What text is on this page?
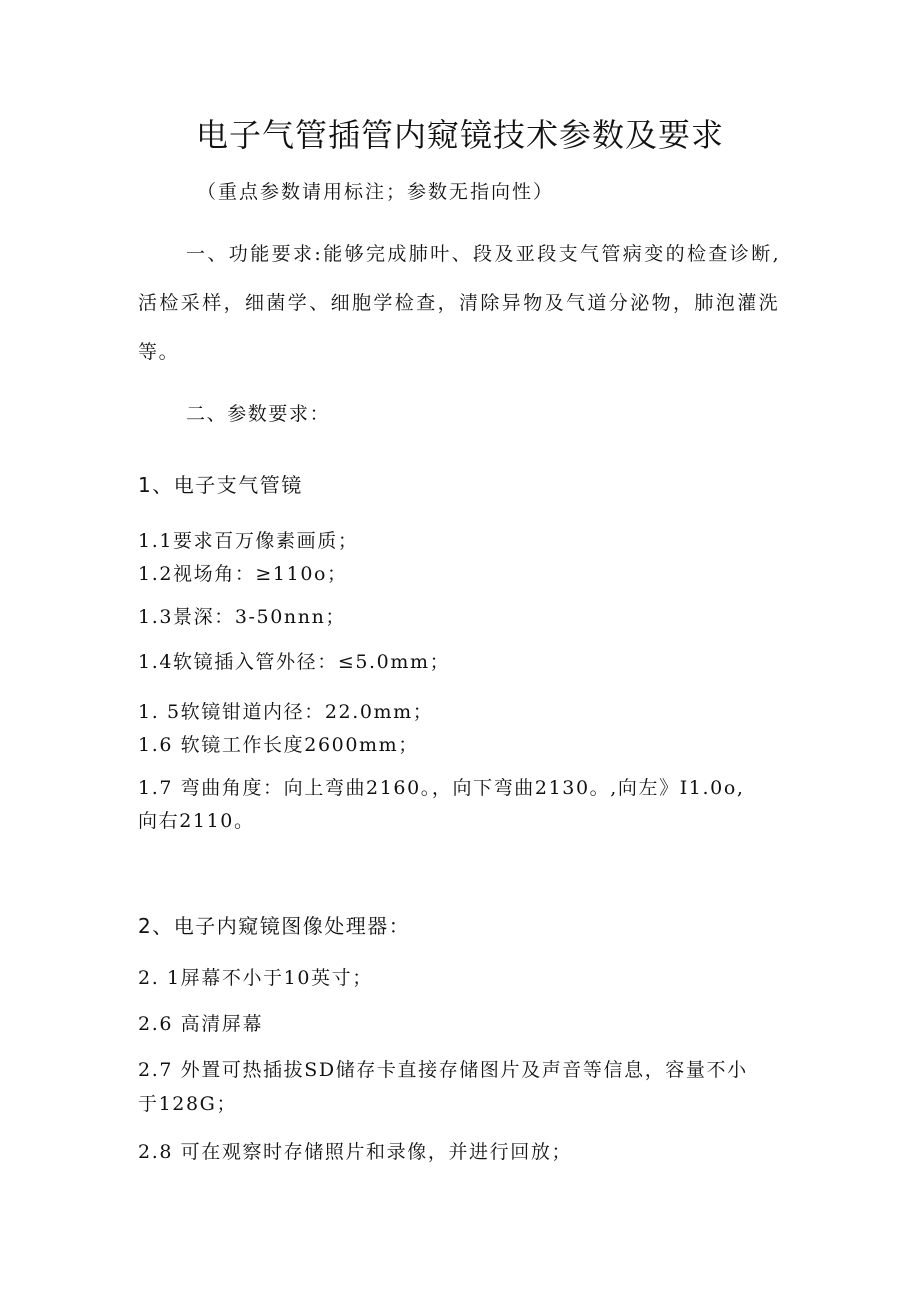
电子气管插管内窥镜技术参数及要求
（重点参数请用标注；参数无指向性）
一、功能要求:能够完成肺叶、段及亚段支气管病变的检查诊断,
活检采样，细菌学、细胞学检查，清除异物及气道分泌物，肺泡灌洗
等。
二、参数要求：
1、电子支气管镜
1.1要求百万像素画质；
1.2视场角：≥110o；
1.3景深：3-50nnn；
1.4软镜插入管外径：≤5.0mm；
1. 5软镜钳道内径：22.0mm；
1.6 软镜工作长度2600mm；
1.7 弯曲角度：向上弯曲2160。，向下弯曲2130。,向左》I1.0o,
向右2110。
2、电子内窥镜图像处理器：
2. 1屏幕不小于10英寸；
2.6 高清屏幕
2.7 外置可热插拔SD储存卡直接存储图片及声音等信息，容量不小
于128G；
2.8 可在观察时存储照片和录像，并进行回放；
